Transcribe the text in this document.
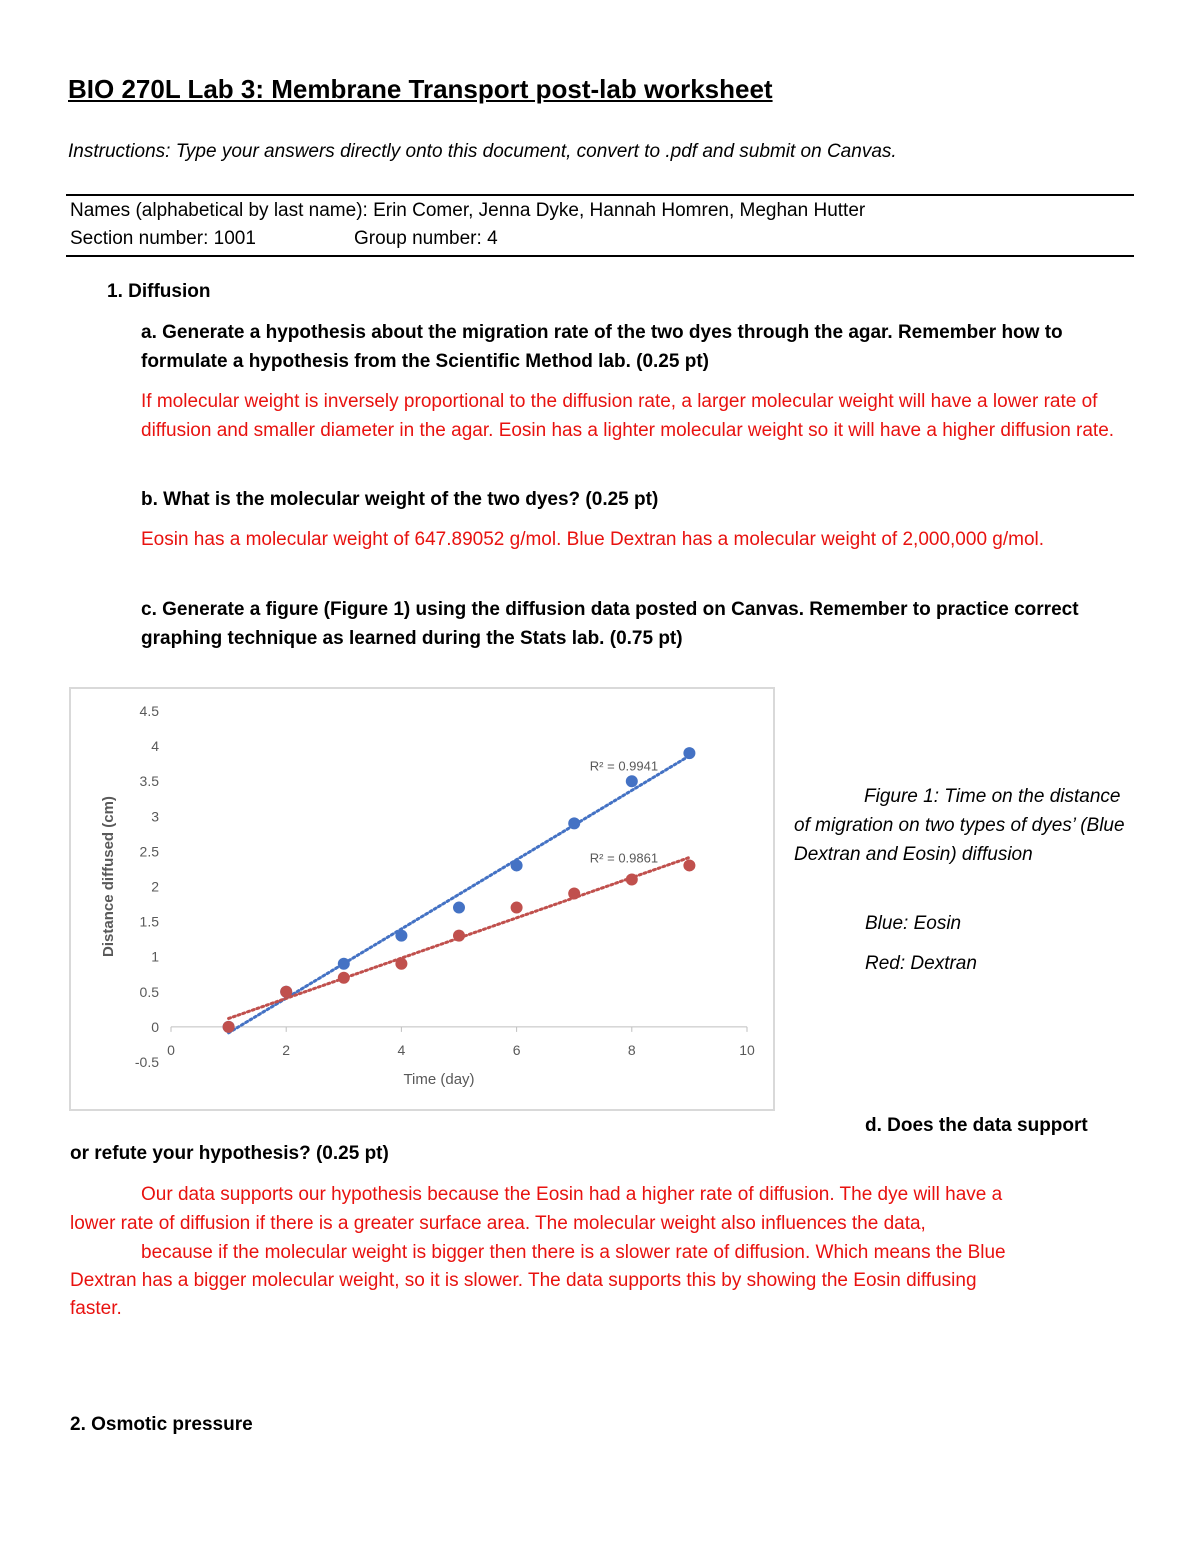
BIO 270L Lab 3: Membrane Transport post-lab worksheet
Instructions: Type your answers directly onto this document, convert to .pdf and submit on Canvas.
Names (alphabetical by last name): Erin Comer, Jenna Dyke, Hannah Homren, Meghan Hutter
Section number: 1001	Group number: 4
1. Diffusion
a. Generate a hypothesis about the migration rate of the two dyes through the agar. Remember how to formulate a hypothesis from the Scientific Method lab. (0.25 pt)
If molecular weight is inversely proportional to the diffusion rate, a larger molecular weight will have a lower rate of diffusion and smaller diameter in the agar. Eosin has a lighter molecular weight so it will have a higher diffusion rate.
b. What is the molecular weight of the two dyes? (0.25 pt)
Eosin has a molecular weight of 647.89052 g/mol. Blue Dextran has a molecular weight of 2,000,000 g/mol.
c. Generate a figure (Figure 1) using the diffusion data posted on Canvas. Remember to practice correct graphing technique as learned during the Stats lab. (0.75 pt)
0	2	4	6	8	10
-0.5
0
0.5
1
1.5
2
2.5
3
3.5
4
4.5
Time (day)
Distance diffused (cm)
R² = 0.9941
R² = 0.9861
Figure 1: Time on the distance of migration on two types of dyes’ (Blue Dextran and Eosin) diffusion
Blue: Eosin
Red: Dextran
d. Does the data support
or refute your hypothesis? (0.25 pt)
Our data supports our hypothesis because the Eosin had a higher rate of diffusion. The dye will have a
lower rate of diffusion if there is a greater surface area. The molecular weight also influences the data,
because if the molecular weight is bigger then there is a slower rate of diffusion. Which means the Blue
Dextran has a bigger molecular weight, so it is slower. The data supports this by showing the Eosin diffusing
faster.
2. Osmotic pressure
